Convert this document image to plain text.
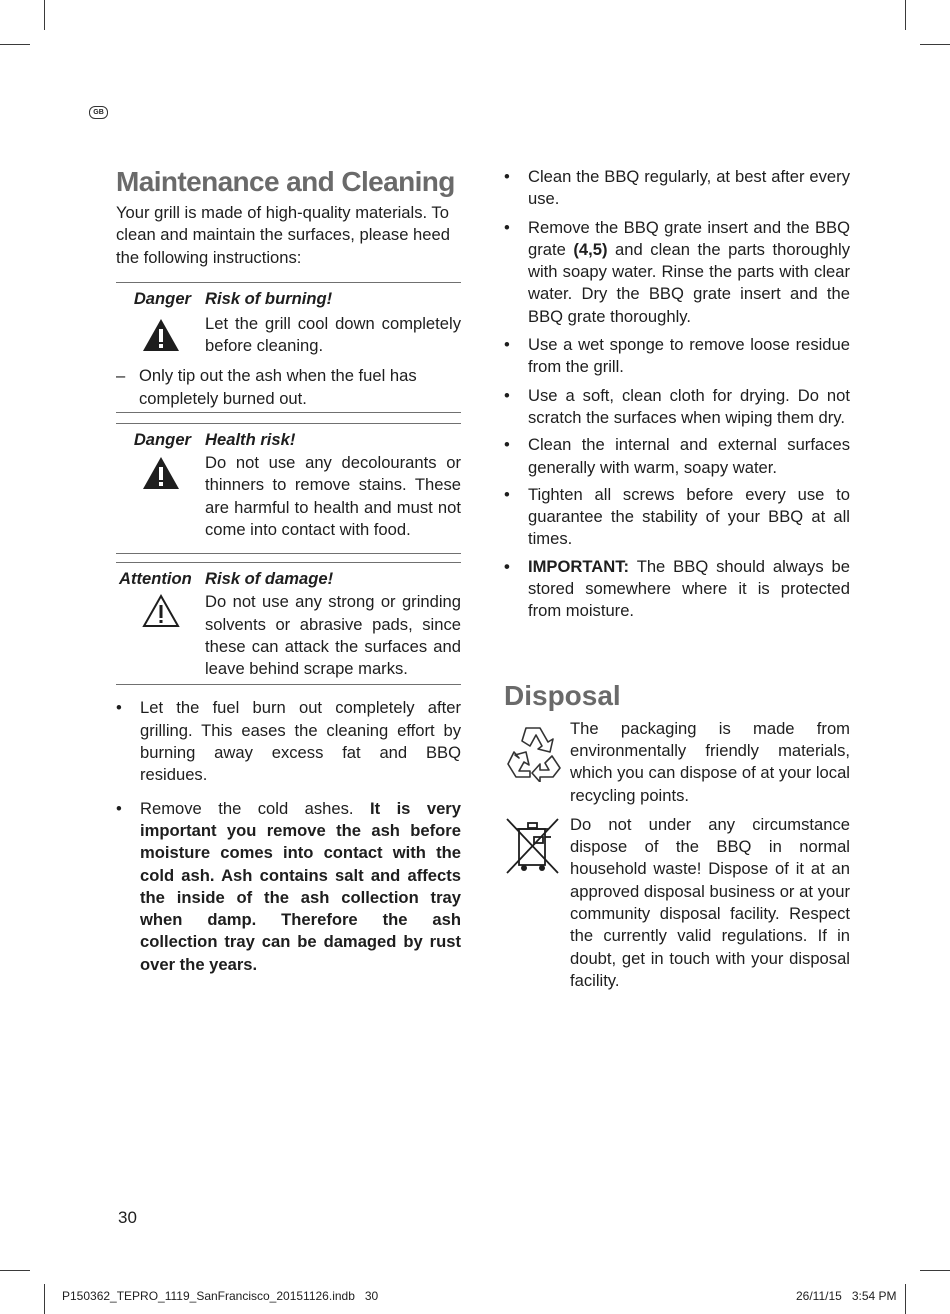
GB
Maintenance and Cleaning

Your grill is made of high-quality materials. To clean and maintain the surfaces, please heed the following instructions:

Danger Risk of burning!

Let the grill cool down completely before cleaning.

– Only tip out the ash when the fuel has completely burned out.
Danger Health risk!

Do not use any decolourants or thinners to remove stains. These are harmful to health and must not come into contact with food.

Attention Risk of damage!

Do not use any strong or grinding solvents or abrasive pads, since these can attack the surfaces and leave behind scrape marks.

•	Let the fuel burn out completely after grilling. This eases the cleaning effort by burning away excess fat and BBQ residues.
•	Remove the cold ashes. It is very important you remove the ash before moisture comes into contact with the cold ash. Ash contains salt and affects the inside of the ash collection tray when damp. Therefore the ash collection tray can be damaged by rust over the years.
•	Clean the BBQ regularly, at best after every use.
•	Remove the BBQ grate insert and the BBQ grate (4,5) and clean the parts thoroughly with soapy water. Rinse the parts with clear water. Dry the BBQ grate insert and the BBQ grate thoroughly.
•	Use a wet sponge to remove loose residue from the grill.
•	Use a soft, clean cloth for drying. Do not scratch the surfaces when wiping them dry.
•	Clean the internal and external surfaces generally with warm, soapy water.
•	Tighten all screws before every use to guarantee the stability of your BBQ at all times.
•	IMPORTANT: The BBQ should always be stored somewhere where it is protected from moisture.
Disposal

The packaging is made from environmentally friendly materials, which you can dispose of at your local recycling points.

Do not under any circumstance dispose of the BBQ in normal household waste! Dispose of it at an approved disposal business or at your community disposal facility. Respect the currently valid regulations. If in doubt, get in touch with your disposal facility.

30
P150362_TEPRO_1119_SanFrancisco_20151126.indb   30	26/11/15   3:54 PM
